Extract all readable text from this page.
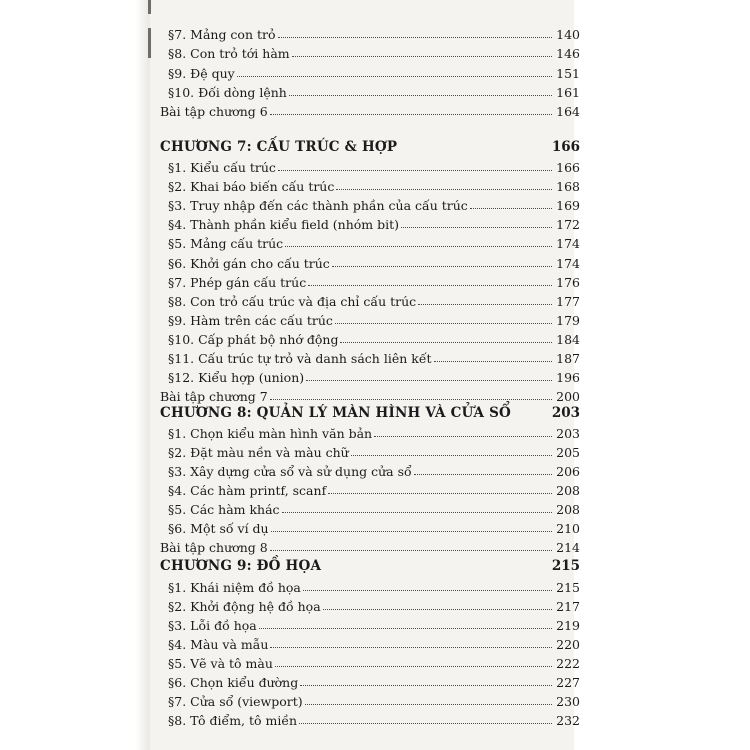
§7. Mảng con trỏ	140
§8. Con trỏ tới hàm	146
§9. Đệ quy	151
§10. Đối dòng lệnh	161
Bài tập chương 6	164
CHƯƠNG 7: CẤU TRÚC & HỢP	166
§1. Kiểu cấu trúc	166
§2. Khai báo biến cấu trúc	168
§3. Truy nhập đến các thành phần của cấu trúc	169
§4. Thành phần kiểu field (nhóm bit)	172
§5. Mảng cấu trúc	174
§6. Khởi gán cho cấu trúc	174
§7. Phép gán cấu trúc	176
§8. Con trỏ cấu trúc và địa chỉ cấu trúc	177
§9. Hàm trên các cấu trúc	179
§10. Cấp phát bộ nhớ động	184
§11. Cấu trúc tự trỏ và danh sách liên kết	187
§12. Kiểu hợp (union)	196
Bài tập chương 7	200
CHƯƠNG 8: QUẢN LÝ MÀN HÌNH VÀ CỬA SỔ	203
§1. Chọn kiểu màn hình văn bản	203
§2. Đặt màu nền và màu chữ	205
§3. Xây dựng cửa sổ và sử dụng cửa sổ	206
§4. Các hàm printf, scanf	208
§5. Các hàm khác	208
§6. Một số ví dụ	210
Bài tập chương 8	214
CHƯƠNG 9: ĐỒ HỌA	215
§1. Khái niệm đồ họa	215
§2. Khởi động hệ đồ họa	217
§3. Lỗi đồ họa	219
§4. Màu và mẫu	220
§5. Vẽ và tô màu	222
§6. Chọn kiểu đường	227
§7. Cửa sổ (viewport)	230
§8. Tô điểm, tô miền	232
